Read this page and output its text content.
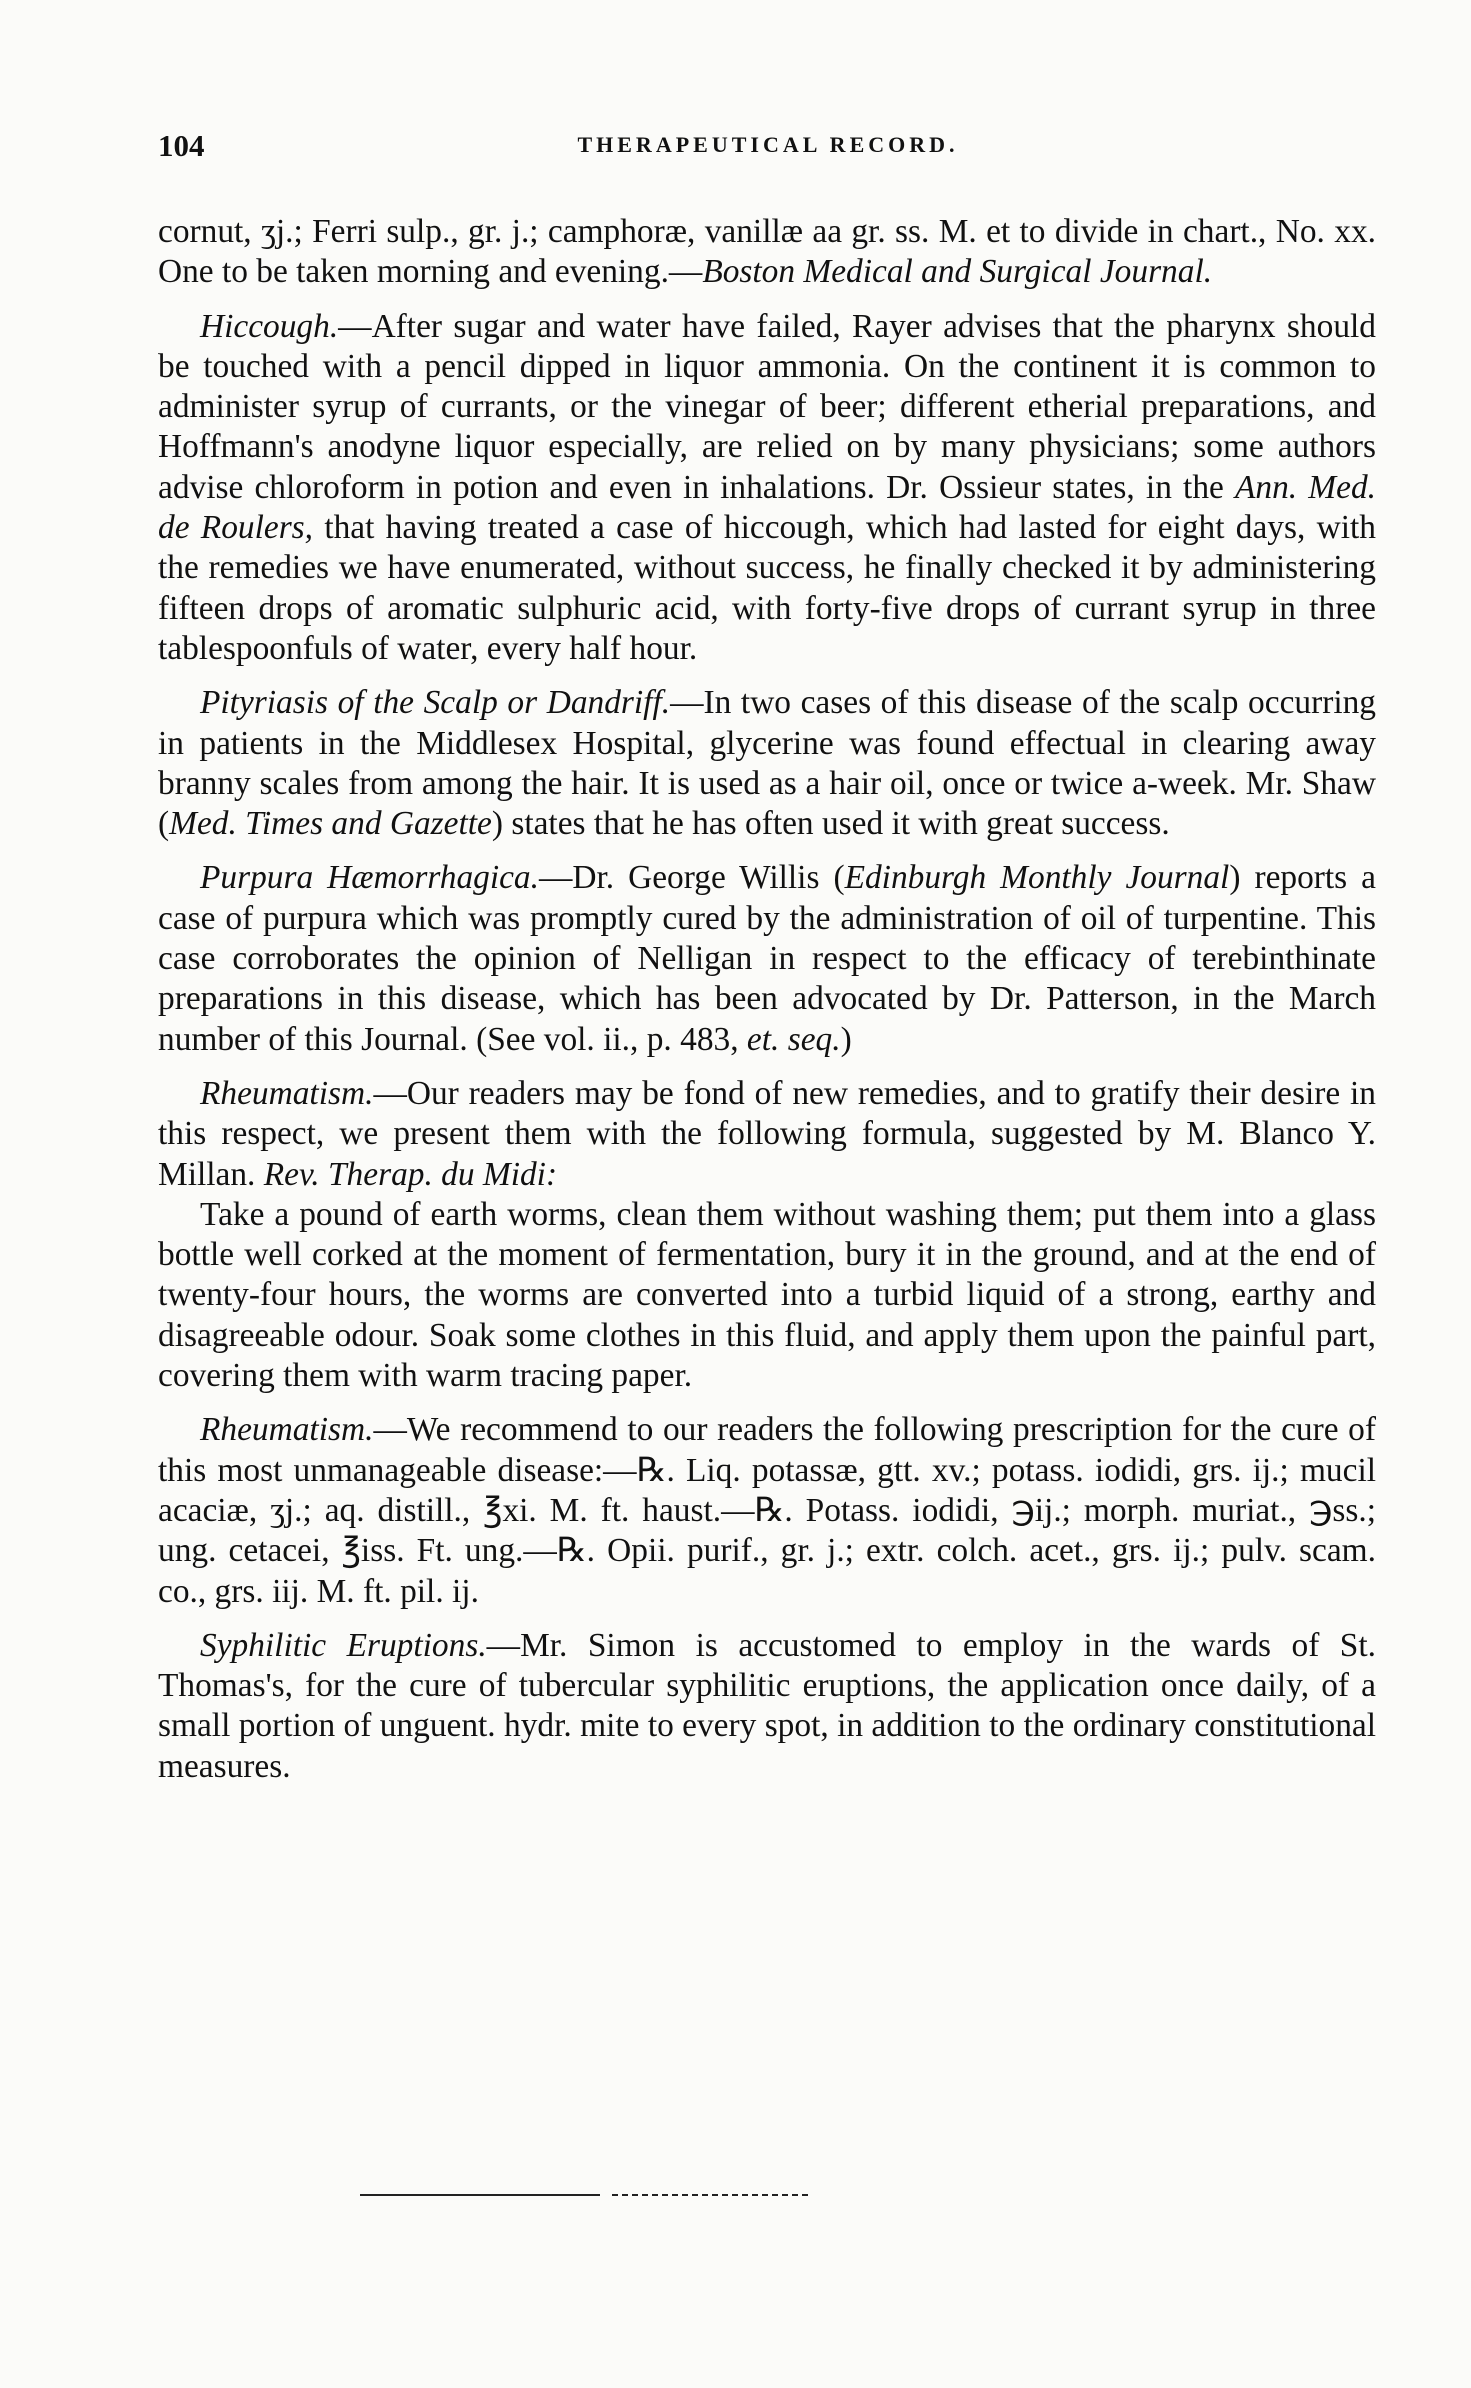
104	THERAPEUTICAL RECORD.

cornut, ʒj.; Ferri sulp., gr. j.; camphoræ, vanillæ aa gr. ss. M. et to divide in chart., No. xx. One to be taken morning and evening.—Boston Medical and Surgical Journal.

Hiccough.—After sugar and water have failed, Rayer advises that the pharynx should be touched with a pencil dipped in liquor ammonia. On the continent it is common to administer syrup of currants, or the vinegar of beer; different etherial preparations, and Hoffmann's anodyne liquor especially, are relied on by many physicians; some authors advise chloroform in potion and even in inhalations. Dr. Ossieur states, in the Ann. Med. de Roulers, that having treated a case of hiccough, which had lasted for eight days, with the remedies we have enumerated, without success, he finally checked it by administering fifteen drops of aromatic sulphuric acid, with forty-five drops of currant syrup in three tablespoonfuls of water, every half hour.

Pityriasis of the Scalp or Dandriff.—In two cases of this disease of the scalp occurring in patients in the Middlesex Hospital, glycerine was found effectual in clearing away branny scales from among the hair. It is used as a hair oil, once or twice a-week. Mr. Shaw (Med. Times and Gazette) states that he has often used it with great success.

Purpura Hæmorrhagica.—Dr. George Willis (Edinburgh Monthly Journal) reports a case of purpura which was promptly cured by the administration of oil of turpentine. This case corroborates the opinion of Nelligan in respect to the efficacy of terebinthinate preparations in this disease, which has been advocated by Dr. Patterson, in the March number of this Journal. (See vol. ii., p. 483, et. seq.)

Rheumatism.—Our readers may be fond of new remedies, and to gratify their desire in this respect, we present them with the following formula, suggested by M. Blanco Y. Millan. Rev. Therap. du Midi:

Take a pound of earth worms, clean them without washing them; put them into a glass bottle well corked at the moment of fermentation, bury it in the ground, and at the end of twenty-four hours, the worms are converted into a turbid liquid of a strong, earthy and disagreeable odour. Soak some clothes in this fluid, and apply them upon the painful part, covering them with warm tracing paper.

Rheumatism.—We recommend to our readers the following prescription for the cure of this most unmanageable disease:—℞. Liq. potassæ, gtt. xv.; potass. iodidi, grs. ij.; mucil acaciæ, ʒj.; aq. distill., ℥xi. M. ft. haust.—℞. Potass. iodidi, ℈ij.; morph. muriat., ℈ss.; ung. cetacei, ℥iss. Ft. ung.—℞. Opii. purif., gr. j.; extr. colch. acet., grs. ij.; pulv. scam. co., grs. iij. M. ft. pil. ij.

Syphilitic Eruptions.—Mr. Simon is accustomed to employ in the wards of St. Thomas's, for the cure of tubercular syphilitic eruptions, the application once daily, of a small portion of unguent. hydr. mite to every spot, in addition to the ordinary constitutional measures.
